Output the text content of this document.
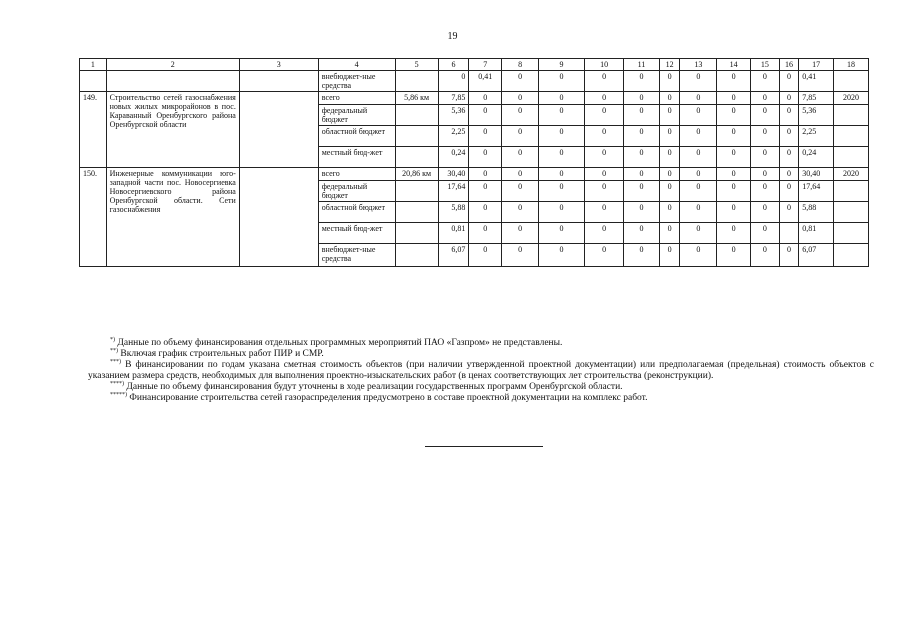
19
1	2	3	4	5	6	7	8	9	10	11	12	13	14	15	16	17	18
			внебюджет-ные средства		0	0,41	0	0	0	0	0	0	0	0	0	0,41	
149.	Строительство сетей газоснабжения новых жилых микрорайонов в пос. Караванный Оренбургского района Оренбургской области		всего	5,86 км	7,85	0	0	0	0	0	0	0	0	0	0	7,85	2020
			федеральный бюджет		5,36	0	0	0	0	0	0	0	0	0	0	5,36	
			областной бюджет		2,25	0	0	0	0	0	0	0	0	0	0	2,25	
			местный бюд-жет		0,24	0	0	0	0	0	0	0	0	0	0	0,24	
150.	Инженерные коммуникации юго-западной части пос. Новосергиевка Новосергиевского района Оренбургской области. Сети газоснабжения		всего	20,86 км	30,40	0	0	0	0	0	0	0	0	0	0	30,40	2020
			федеральный бюджет		17,64	0	0	0	0	0	0	0	0	0	0	17,64	
			областной бюджет		5,88	0	0	0	0	0	0	0	0	0	0	5,88	
			местный бюд-жет		0,81	0	0	0	0	0	0	0	0	0		0,81	
			внебюджет-ные средства		6,07	0	0	0	0	0	0	0	0	0	0	6,07	

*) Данные по объему финансирования отдельных программных мероприятий ПАО «Газпром» не представлены.

**) Включая график строительных работ ПИР и СМР.

***) В финансировании по годам указана сметная стоимость объектов (при наличии утвержденной проектной документации) или предполагаемая (предельная) стоимость объектов с указанием размера средств, необходимых для выполнения проектно-изыскательских работ (в ценах соответствующих лет строительства (реконструкции).

****) Данные по объему финансирования будут уточнены в ходе реализации государственных программ Оренбургской области.

*****) Финансирование строительства сетей газораспределения предусмотрено в составе проектной документации на комплекс работ.
